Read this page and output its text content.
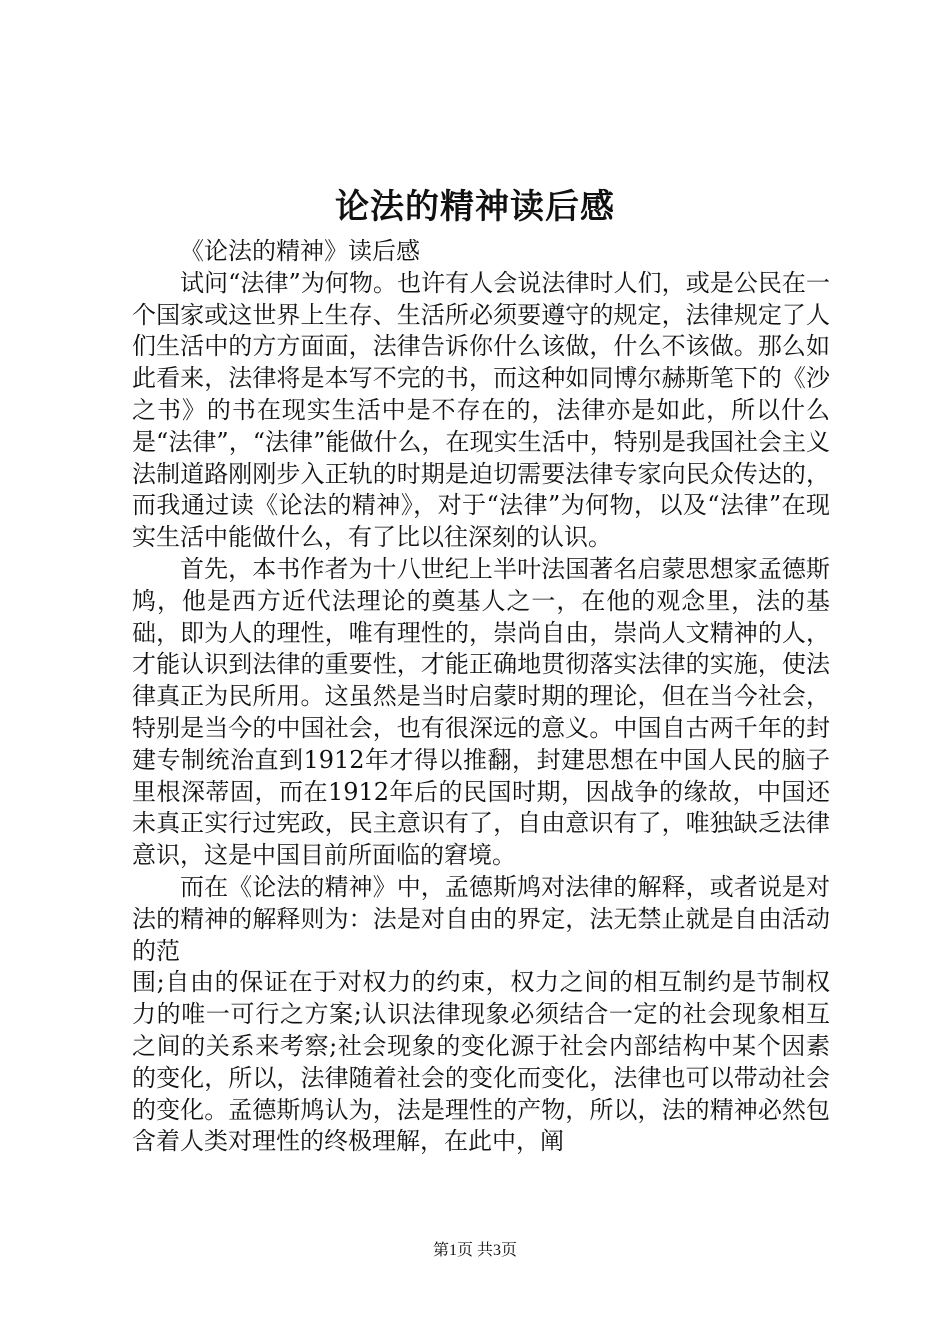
论法的精神读后感

《论法的精神》读后感

试问“法律”为何物。也许有人会说法律时人们，或是公民在一个国家或这世界上生存、生活所必须要遵守的规定，法律规定了人们生活中的方方面面，法律告诉你什么该做，什么不该做。那么如此看来，法律将是本写不完的书，而这种如同博尔赫斯笔下的《沙之书》的书在现实生活中是不存在的，法律亦是如此，所以什么是“法律”，“法律”能做什么，在现实生活中，特别是我国社会主义法制道路刚刚步入正轨的时期是迫切需要法律专家向民众传达的，而我通过读《论法的精神》，对于“法律”为何物，以及“法律”在现实生活中能做什么，有了比以往深刻的认识。

首先，本书作者为十八世纪上半叶法国著名启蒙思想家孟德斯鸠，他是西方近代法理论的奠基人之一，在他的观念里，法的基础，即为人的理性，唯有理性的，崇尚自由，崇尚人文精神的人，才能认识到法律的重要性，才能正确地贯彻落实法律的实施，使法律真正为民所用。这虽然是当时启蒙时期的理论，但在当今社会，特别是当今的中国社会，也有很深远的意义。中国自古两千年的封建专制统治直到1912年才得以推翻，封建思想在中国人民的脑子里根深蒂固，而在1912年后的民国时期，因战争的缘故，中国还未真正实行过宪政，民主意识有了，自由意识有了，唯独缺乏法律意识，这是中国目前所面临的窘境。

而在《论法的精神》中，孟德斯鸠对法律的解释，或者说是对法的精神的解释则为：法是对自由的界定，法无禁止就是自由活动的范

围;自由的保证在于对权力的约束，权力之间的相互制约是节制权力的唯一可行之方案;认识法律现象必须结合一定的社会现象相互之间的关系来考察;社会现象的变化源于社会内部结构中某个因素的变化，所以，法律随着社会的变化而变化，法律也可以带动社会的变化。孟德斯鸠认为，法是理性的产物，所以，法的精神必然包含着人类对理性的终极理解，在此中，阐

第1页 共3页
